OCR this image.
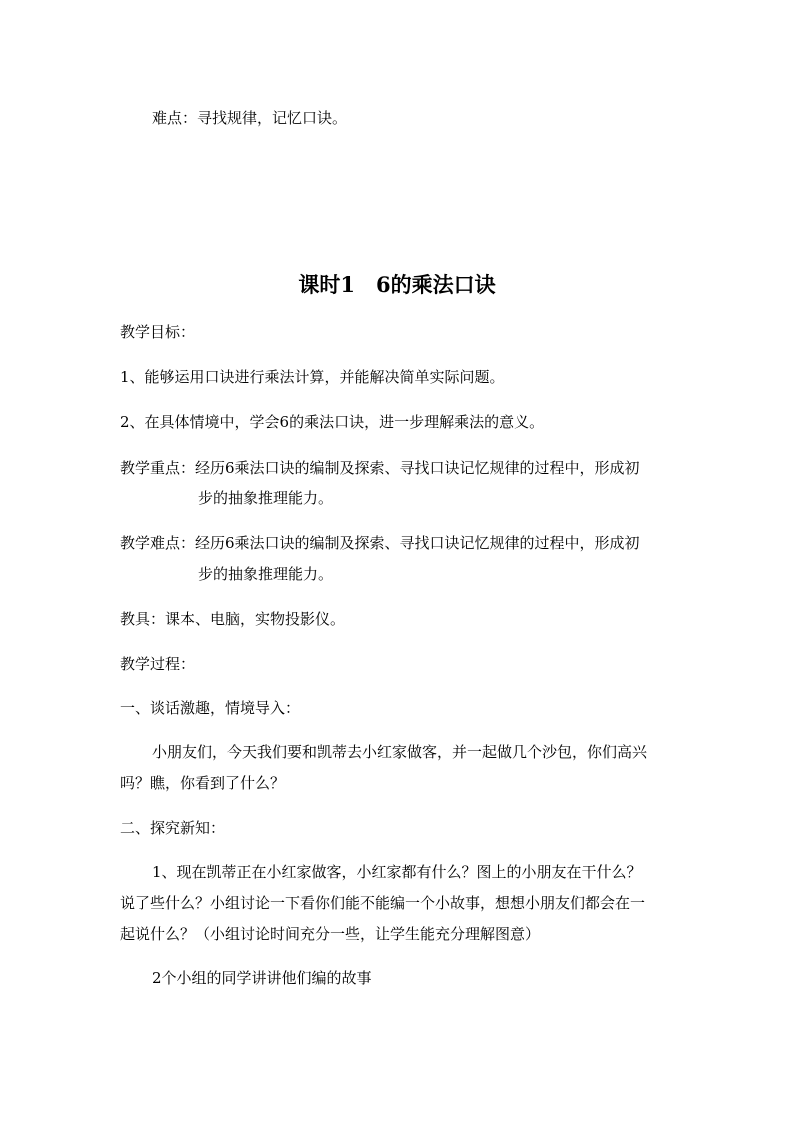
难点：寻找规律，记忆口诀。
课时1　6的乘法口诀
教学目标：
1、能够运用口诀进行乘法计算，并能解决简单实际问题。
2、在具体情境中，学会6的乘法口诀，进一步理解乘法的意义。
教学重点：经历6乘法口诀的编制及探索、寻找口诀记忆规律的过程中，形成初
步的抽象推理能力。
教学难点：经历6乘法口诀的编制及探索、寻找口诀记忆规律的过程中，形成初
步的抽象推理能力。
教具：课本、电脑，实物投影仪。
教学过程：
一、谈话激趣，情境导入：
小朋友们，今天我们要和凯蒂去小红家做客，并一起做几个沙包，你们高兴
吗？瞧，你看到了什么？
二、探究新知：
1、现在凯蒂正在小红家做客，小红家都有什么？图上的小朋友在干什么？
说了些什么？小组讨论一下看你们能不能编一个小故事，想想小朋友们都会在一
起说什么？（小组讨论时间充分一些，让学生能充分理解图意）
2个小组的同学讲讲他们编的故事
